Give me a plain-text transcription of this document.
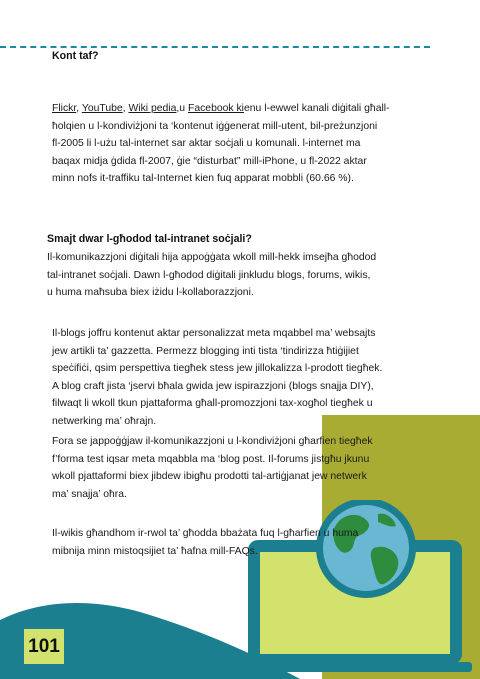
Kont taf?
Flickr, YouTube, Wiki pedia,u Facebook kienu l-ewwel kanali diġitali għall-
ħolqien u l-kondiviżjoni ta ‘kontenut iġġenerat mill-utent, bil-preżunzjoni
fl-2005 li l-użu tal-internet sar aktar soċjali u komunali. l-internet ma
baqax midja ġdida fl-2007, ġie “disturbat” mill-iPhone, u fl-2022 aktar
minn nofs it-traffiku tal-Internet kien fuq apparat mobbli (60.66 %).
Smajt dwar l-għodod tal-intranet soċjali?
Il-komunikazzjoni diġitali hija appoġġata wkoll mill-hekk imsejħa għodod
tal-intranet soċjali. Dawn l-għodod diġitali jinkludu blogs, forums, wikis,
u huma maħsuba biex iżidu l-kollaborazzjoni.
Il-blogs joffru kontenut aktar personalizzat meta mqabbel ma’ websajts
jew artikli ta’ gazzetta. Permezz blogging inti tista ‘tindirizza ħtiġijiet
speċifiċi, qsim perspettiva tiegħek stess jew jillokalizza l-prodott tiegħek.
A blog craft jista ‘jservi bħala gwida jew ispirazzjoni (blogs snajja DIY),
filwaqt li wkoll tkun pjattaforma għall-promozzjoni tax-xogħol tiegħek u
netwerking ma’ oħrajn.
Fora se jappoġġjaw il-komunikazzjoni u l-kondiviżjoni għarfien tiegħek
f’forma test iqsar meta mqabbla ma ‘blog post. Il-forums jistgħu jkunu
wkoll pjattaformi biex jibdew ibigħu prodotti tal-artiġjanat jew netwerk
ma’ snajja’ oħra.
Il-wikis għandhom ir-rwol ta’ għodda bbażata fuq l-għarfien u huma
mibnija minn mistoqsijiet ta’ ħafna mill-FAQs.
101
